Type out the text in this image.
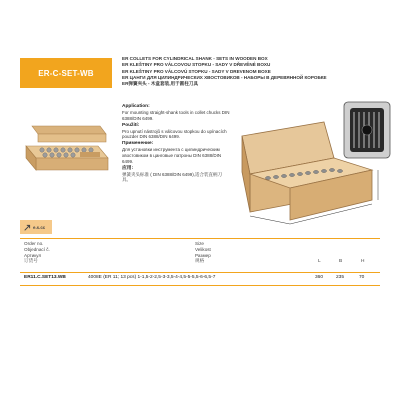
ER-C-SET-WB
ER COLLETS FOR CYLINDRICAL SHANK - SETS IN WOODEN BOX
ER KLEŠTINY PRO VÁLCOVOU STOPKU - SADY V DŘEVĚNÉ BOXU
ER KLEŠTINY PRO VÁLCOVÚ STOPKU - SADY V DREVENOM BOXE
ER ЦАНГИ ДЛЯ ЦИЛИНДРИЧЕСКИХ ХВОСТОВИКОВ - НАБОРЫ В ДЕРЕВЯННОЙ КОРОБКЕ
ER弹簧夹头 - 木盒套装,用于圆柱刀具
Application:
For mounting straight-shank tools in collet chucks DIN 6388/DIN 6499.
Použití:
Pro upnutí nástrojů s válcovou stopkou do upínacích pouzder DIN 6388/DIN 6499.
Применение:
Для установки инструмента с цилиндрическим хвостовиком в цанговые патроны DIN 6388/DIN 6499.
应用:
弹簧夹头标准 ( DIN 6388/DIN 6499),适合装直柄刀具。
e.s.cc
Order no.
Objednací č.
Артикул
订货号
Size
Velikost
Размер
规格	L	B	H
ER11.C.SET13.WB	4008E (ER 11; 13 pcs) 1-1,5-2-2,5-3-3,5-4-4,5-5-5,5-6-6,5-7	360	235	70
